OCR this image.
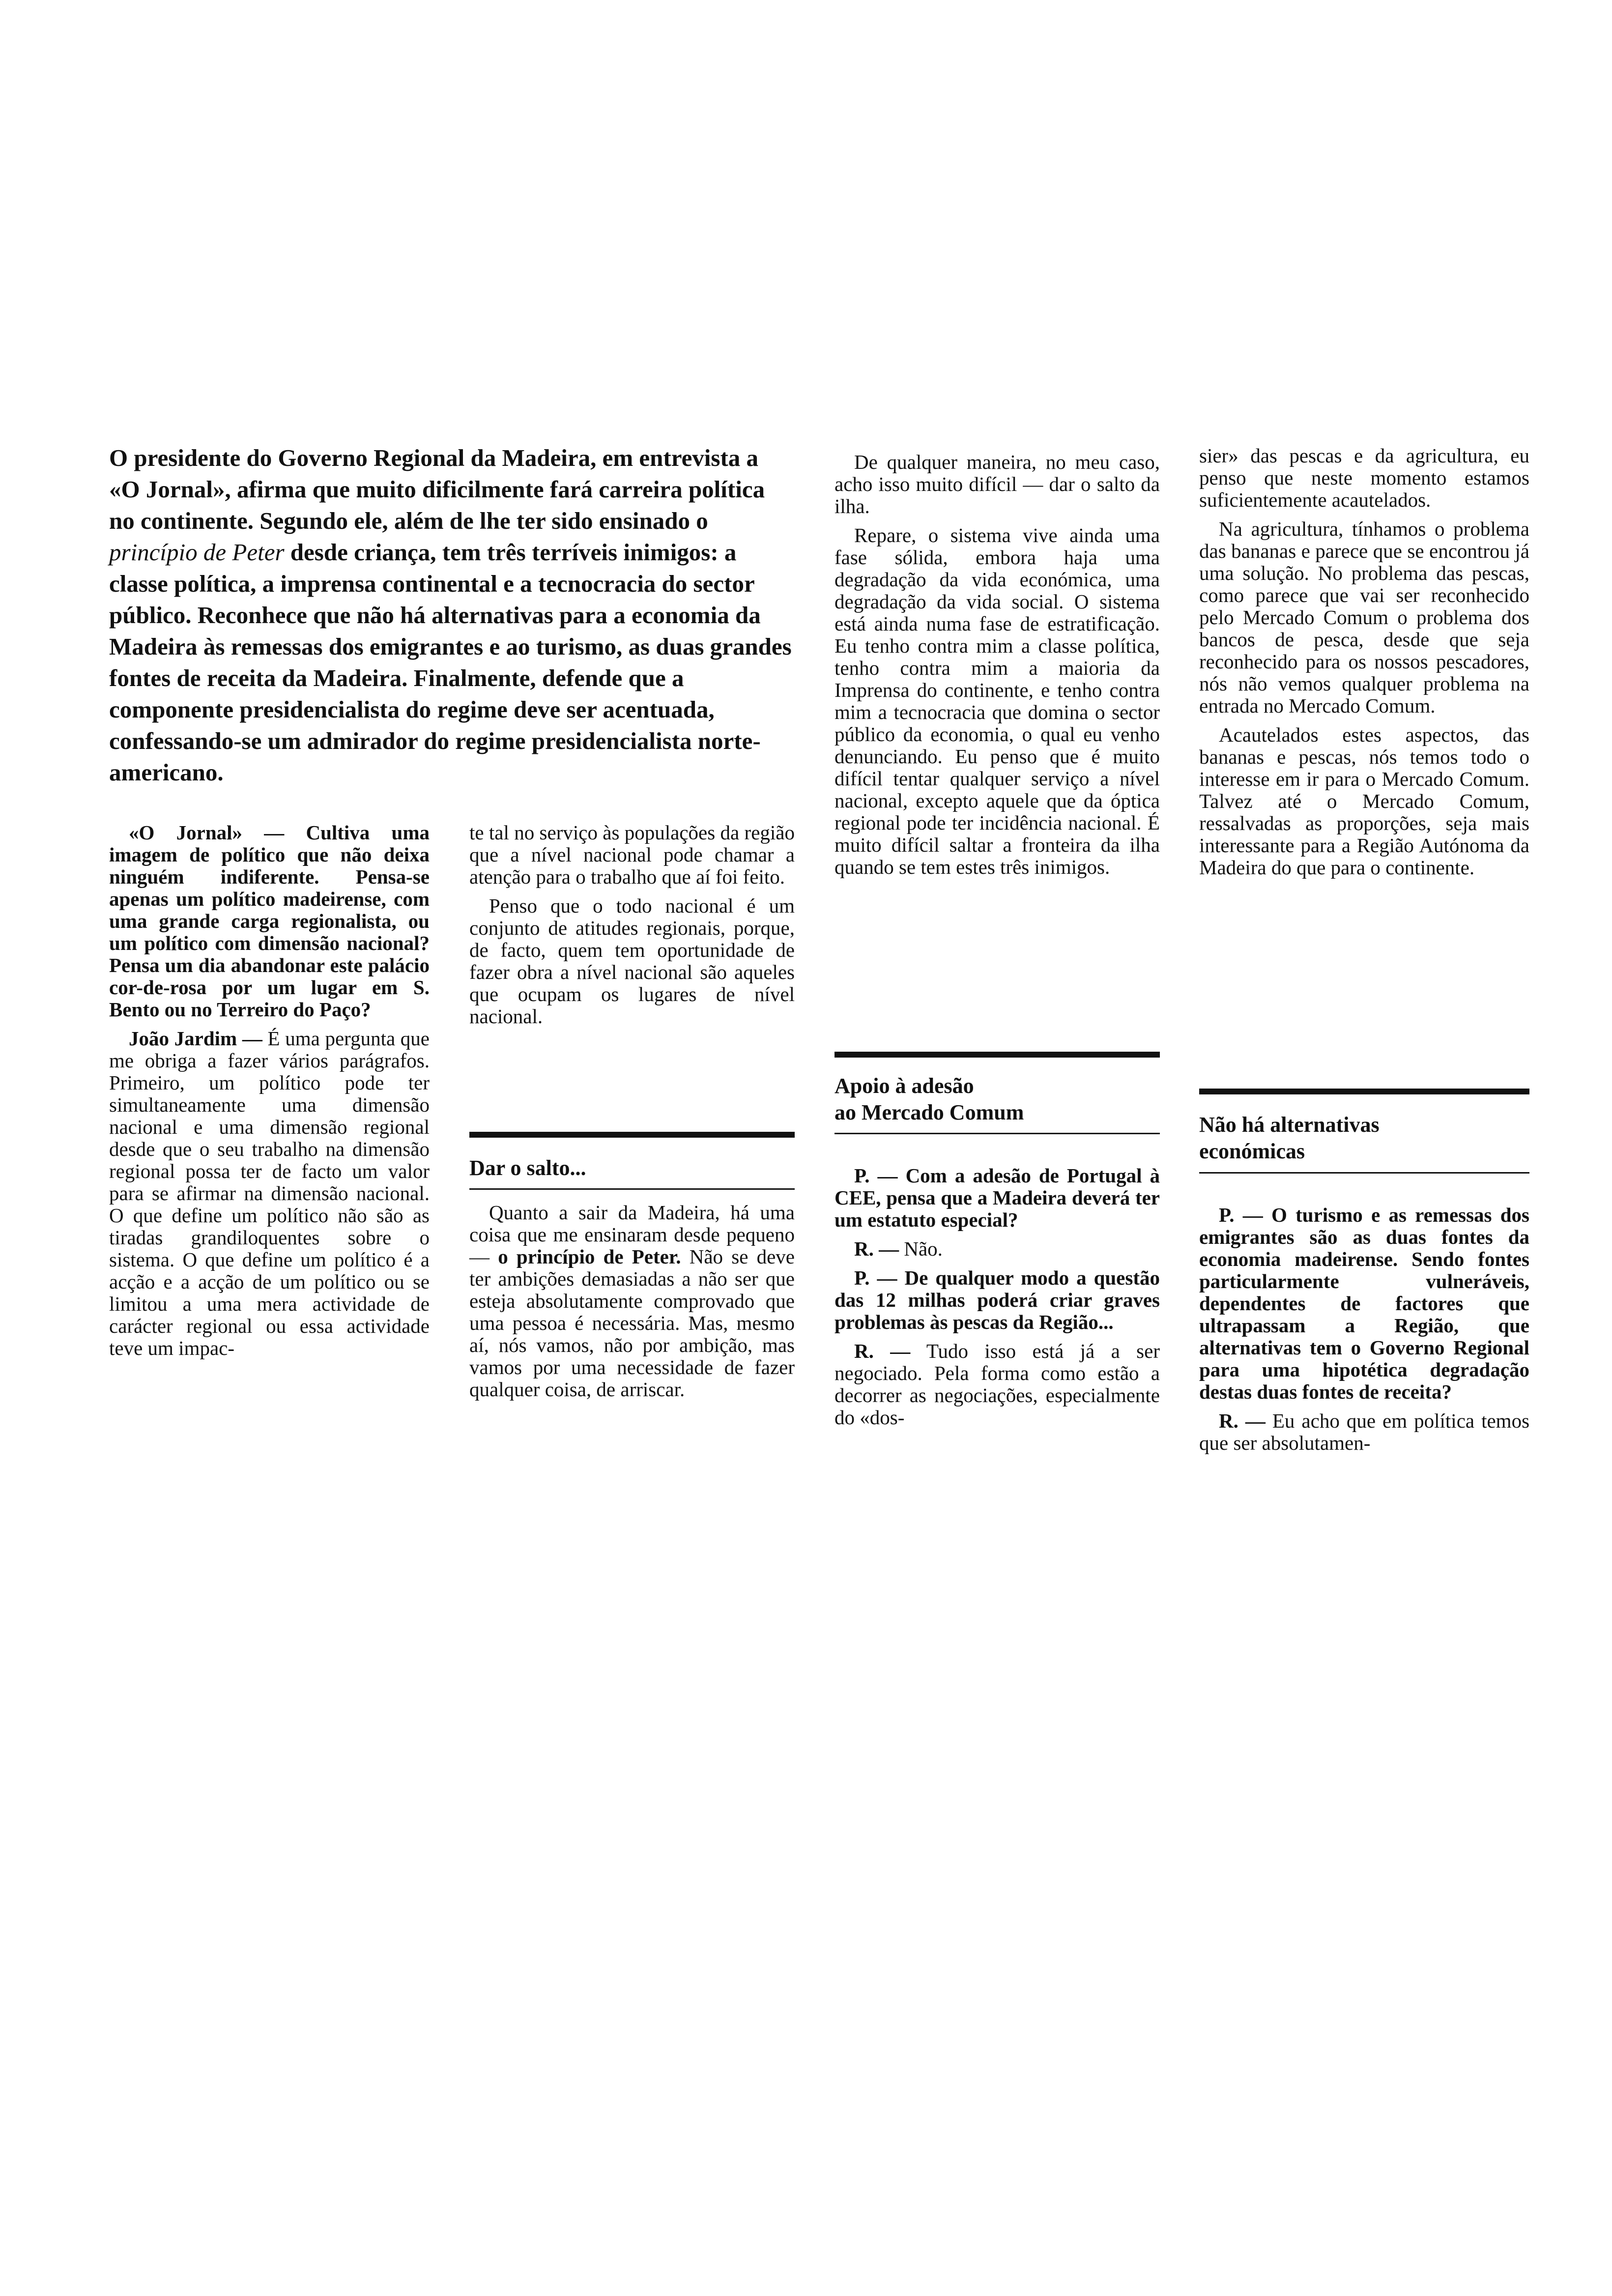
O presidente do Governo Regional da Madeira, em entrevista a «O Jornal», afirma que muito dificilmente fará carreira política no continente. Segundo ele, além de lhe ter sido ensinado o princípio de Peter desde criança, tem três terríveis inimigos: a classe política, a imprensa continental e a tecnocracia do sector público. Reconhece que não há alternativas para a economia da Madeira às remessas dos emigrantes e ao turismo, as duas grandes fontes de receita da Madeira. Finalmente, defende que a componente presidencialista do regime deve ser acentuada, confessando-se um admirador do regime presidencialista norte-americano.

«O Jornal» — Cultiva uma imagem de político que não deixa ninguém indiferente. Pensa-se apenas um político madeirense, com uma grande carga regionalista, ou um político com dimensão nacional? Pensa um dia abandonar este palácio cor-de-rosa por um lugar em S. Bento ou no Terreiro do Paço?

João Jardim — É uma pergunta que me obriga a fazer vários parágrafos. Primeiro, um político pode ter simultaneamente uma dimensão nacional e uma dimensão regional desde que o seu trabalho na dimensão regional possa ter de facto um valor para se afirmar na dimensão nacional. O que define um político não são as tiradas grandiloquentes sobre o sistema. O que define um político é a acção e a acção de um político ou se limitou a uma mera actividade de carácter regional ou essa actividade teve um impac-

te tal no serviço às populações da região que a nível nacional pode chamar a atenção para o trabalho que aí foi feito.

Penso que o todo nacional é um conjunto de atitudes regionais, porque, de facto, quem tem oportunidade de fazer obra a nível nacional são aqueles que ocupam os lugares de nível nacional.

Dar o salto...

Quanto a sair da Madeira, há uma coisa que me ensinaram desde pequeno — o princípio de Peter. Não se deve ter ambições demasiadas a não ser que esteja absolutamente comprovado que uma pessoa é necessária. Mas, mesmo aí, nós vamos, não por ambição, mas vamos por uma necessidade de fazer qualquer coisa, de arriscar.

De qualquer maneira, no meu caso, acho isso muito difícil — dar o salto da ilha.

Repare, o sistema vive ainda uma fase sólida, embora haja uma degradação da vida económica, uma degradação da vida social. O sistema está ainda numa fase de estratificação. Eu tenho contra mim a classe política, tenho contra mim a maioria da Imprensa do continente, e tenho contra mim a tecnocracia que domina o sector público da economia, o qual eu venho denunciando. Eu penso que é muito difícil tentar qualquer serviço a nível nacional, excepto aquele que da óptica regional pode ter incidência nacional. É muito difícil saltar a fronteira da ilha quando se tem estes três inimigos.

Apoio à adesão
ao Mercado Comum

P. — Com a adesão de Portugal à CEE, pensa que a Madeira deverá ter um estatuto especial?

R. — Não.

P. — De qualquer modo a questão das 12 milhas poderá criar graves problemas às pescas da Região...

R. — Tudo isso está já a ser negociado. Pela forma como estão a decorrer as negociações, especialmente do «dos-

sier» das pescas e da agricultura, eu penso que neste momento estamos suficientemente acautelados.

Na agricultura, tínhamos o problema das bananas e parece que se encontrou já uma solução. No problema das pescas, como parece que vai ser reconhecido pelo Mercado Comum o problema dos bancos de pesca, desde que seja reconhecido para os nossos pescadores, nós não vemos qualquer problema na entrada no Mercado Comum.

Acautelados estes aspectos, das bananas e pescas, nós temos todo o interesse em ir para o Mercado Comum. Talvez até o Mercado Comum, ressalvadas as proporções, seja mais interessante para a Região Autónoma da Madeira do que para o continente.

Não há alternativas
económicas

P. — O turismo e as remessas dos emigrantes são as duas fontes da economia madeirense. Sendo fontes particularmente vulneráveis, dependentes de factores que ultrapassam a Região, que alternativas tem o Governo Regional para uma hipotética degradação destas duas fontes de receita?

R. — Eu acho que em política temos que ser absolutamen-
